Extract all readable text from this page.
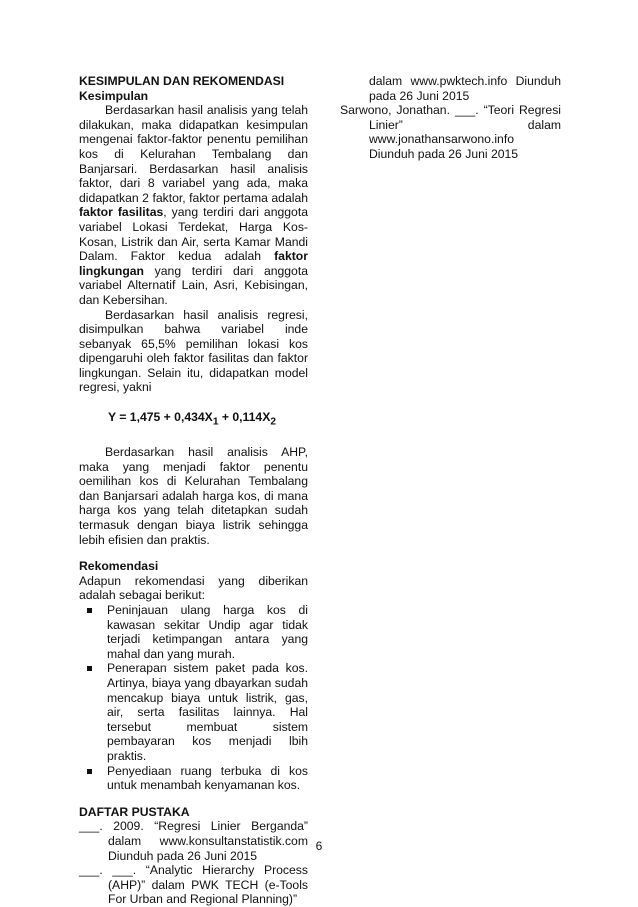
KESIMPULAN DAN REKOMENDASI

Kesimpulan

Berdasarkan hasil analisis yang telah dilakukan, maka didapatkan kesimpulan mengenai faktor-faktor penentu pemilihan kos di Kelurahan Tembalang dan Banjarsari. Berdasarkan hasil analisis faktor, dari 8 variabel yang ada, maka didapatkan 2 faktor, faktor pertama adalah faktor fasilitas, yang terdiri dari anggota variabel Lokasi Terdekat, Harga Kos-Kosan, Listrik dan Air, serta Kamar Mandi Dalam. Faktor kedua adalah faktor lingkungan yang terdiri dari anggota variabel Alternatif Lain, Asri, Kebisingan, dan Kebersihan.

Berdasarkan hasil analisis regresi, disimpulkan bahwa variabel inde sebanyak 65,5% pemilihan lokasi kos dipengaruhi oleh faktor fasilitas dan faktor lingkungan. Selain itu, didapatkan model regresi, yakni

$Y = 1,475 + 0,434X_1 + 0,114X_2$

Berdasarkan hasil analisis AHP, maka yang menjadi faktor penentu oemilihan kos di Kelurahan Tembalang dan Banjarsari adalah harga kos, di mana harga kos yang telah ditetapkan sudah termasuk dengan biaya listrik sehingga lebih efisien dan praktis.

Rekomendasi

Adapun rekomendasi yang diberikan adalah sebagai berikut:

Peninjauan ulang harga kos di kawasan sekitar Undip agar tidak terjadi ketimpangan antara yang mahal dan yang murah.
Penerapan sistem paket pada kos. Artinya, biaya yang dbayarkan sudah mencakup biaya untuk listrik, gas, air, serta fasilitas lainnya. Hal tersebut membuat sistem pembayaran kos menjadi lbih praktis.
Penyediaan ruang terbuka di kos untuk menambah kenyamanan kos.

DAFTAR PUSTAKA

___. 2009. “Regresi Linier Berganda” dalam www.konsultanstatistik.com Diunduh pada 26 Juni 2015

___. ___. “Analytic Hierarchy Process (AHP)” dalam PWK TECH (e-Tools For Urban and Regional Planning)”

dalam www.pwktech.info Diunduh pada 26 Juni 2015

Sarwono, Jonathan. ___. “Teori Regresi Linier” dalam www.jonathansarwono.info Diunduh pada 26 Juni 2015

6
